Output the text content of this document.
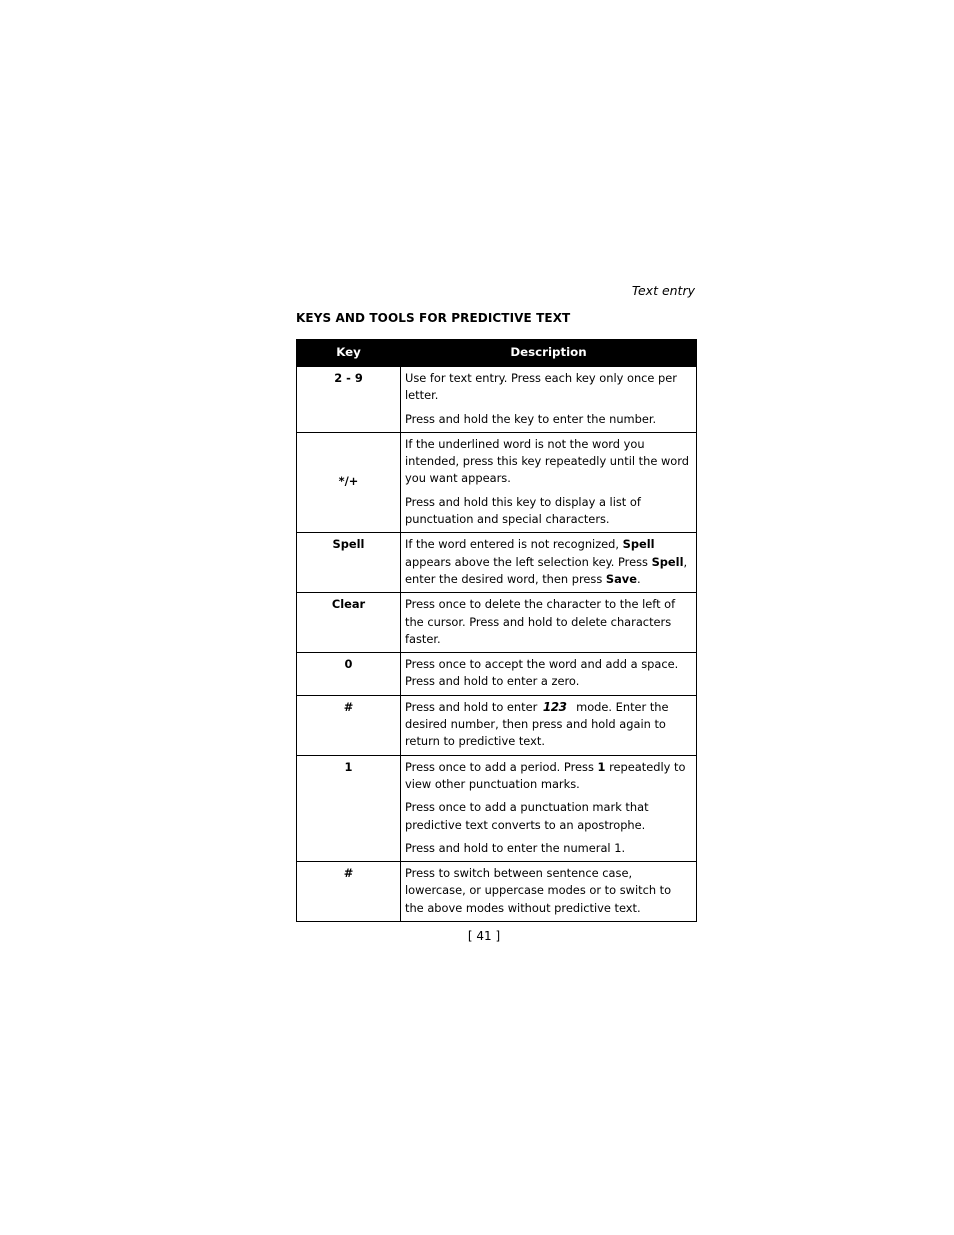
Text entry
KEYS AND TOOLS FOR PREDICTIVE TEXT
Key	Description
2 - 9	Use for text entry. Press each key only once per letter.

Press and hold the key to enter the number.

*/+	If the underlined word is not the word you intended, press this key repeatedly until the word you want appears.

Press and hold this key to display a list of punctuation and special characters.

Spell	If the word entered is not recognized, Spell appears above the left selection key. Press Spell, enter the desired word, then press Save.

Clear	Press once to delete the character to the left of the cursor. Press and hold to delete characters faster.

0	Press once to accept the word and add a space. Press and hold to enter a zero.

#	Press and hold to enter 123 mode. Enter the desired number, then press and hold again to return to predictive text.

1	Press once to add a period. Press 1 repeatedly to view other punctuation marks.

Press once to add a punctuation mark that predictive text converts to an apostrophe.

Press and hold to enter the numeral 1.

#	Press to switch between sentence case, lowercase, or uppercase modes or to switch to the above modes without predictive text.

[ 41 ]
